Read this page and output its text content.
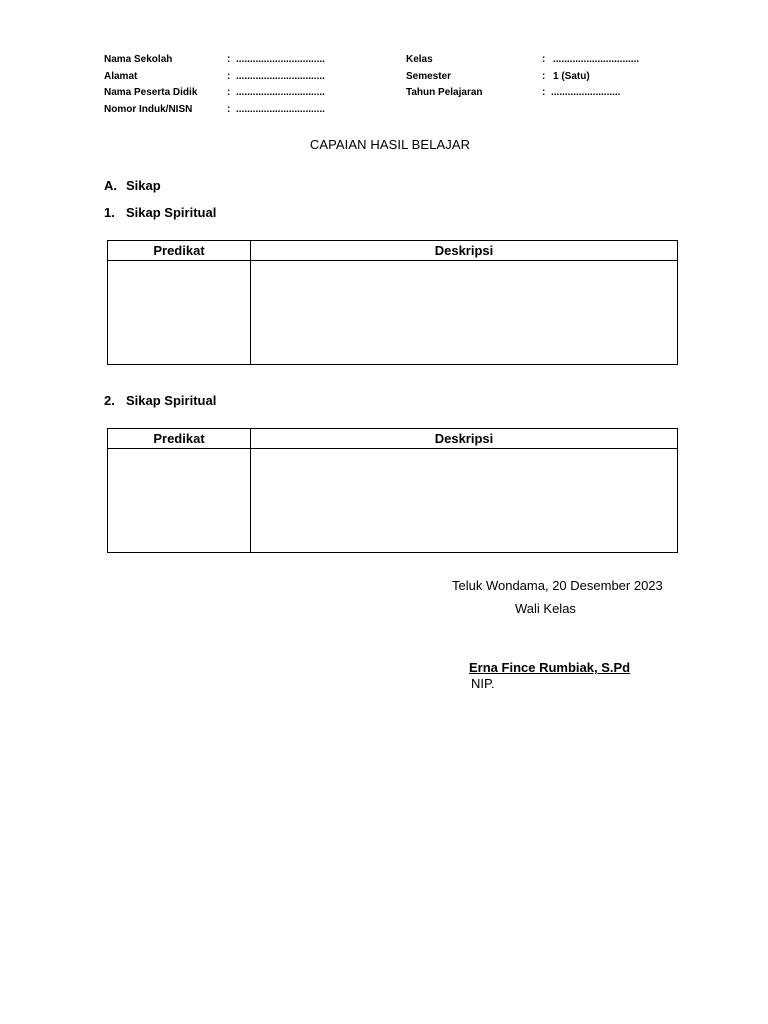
Nama Sekolah	: ................................
Alamat	: ................................
Nama Peserta Didik	: ................................
Nomor Induk/NISN	: ................................
Kelas	: ...............................
Semester	: 1 (Satu)
Tahun Pelajaran	: .........................
CAPAIAN HASIL BELAJAR
A. Sikap
1. Sikap Spiritual
Predikat	Deskripsi

2. Sikap Spiritual
Predikat	Deskripsi

Teluk Wondama, 20 Desember 2023
Wali Kelas
Erna Fince Rumbiak, S.Pd
NIP.
